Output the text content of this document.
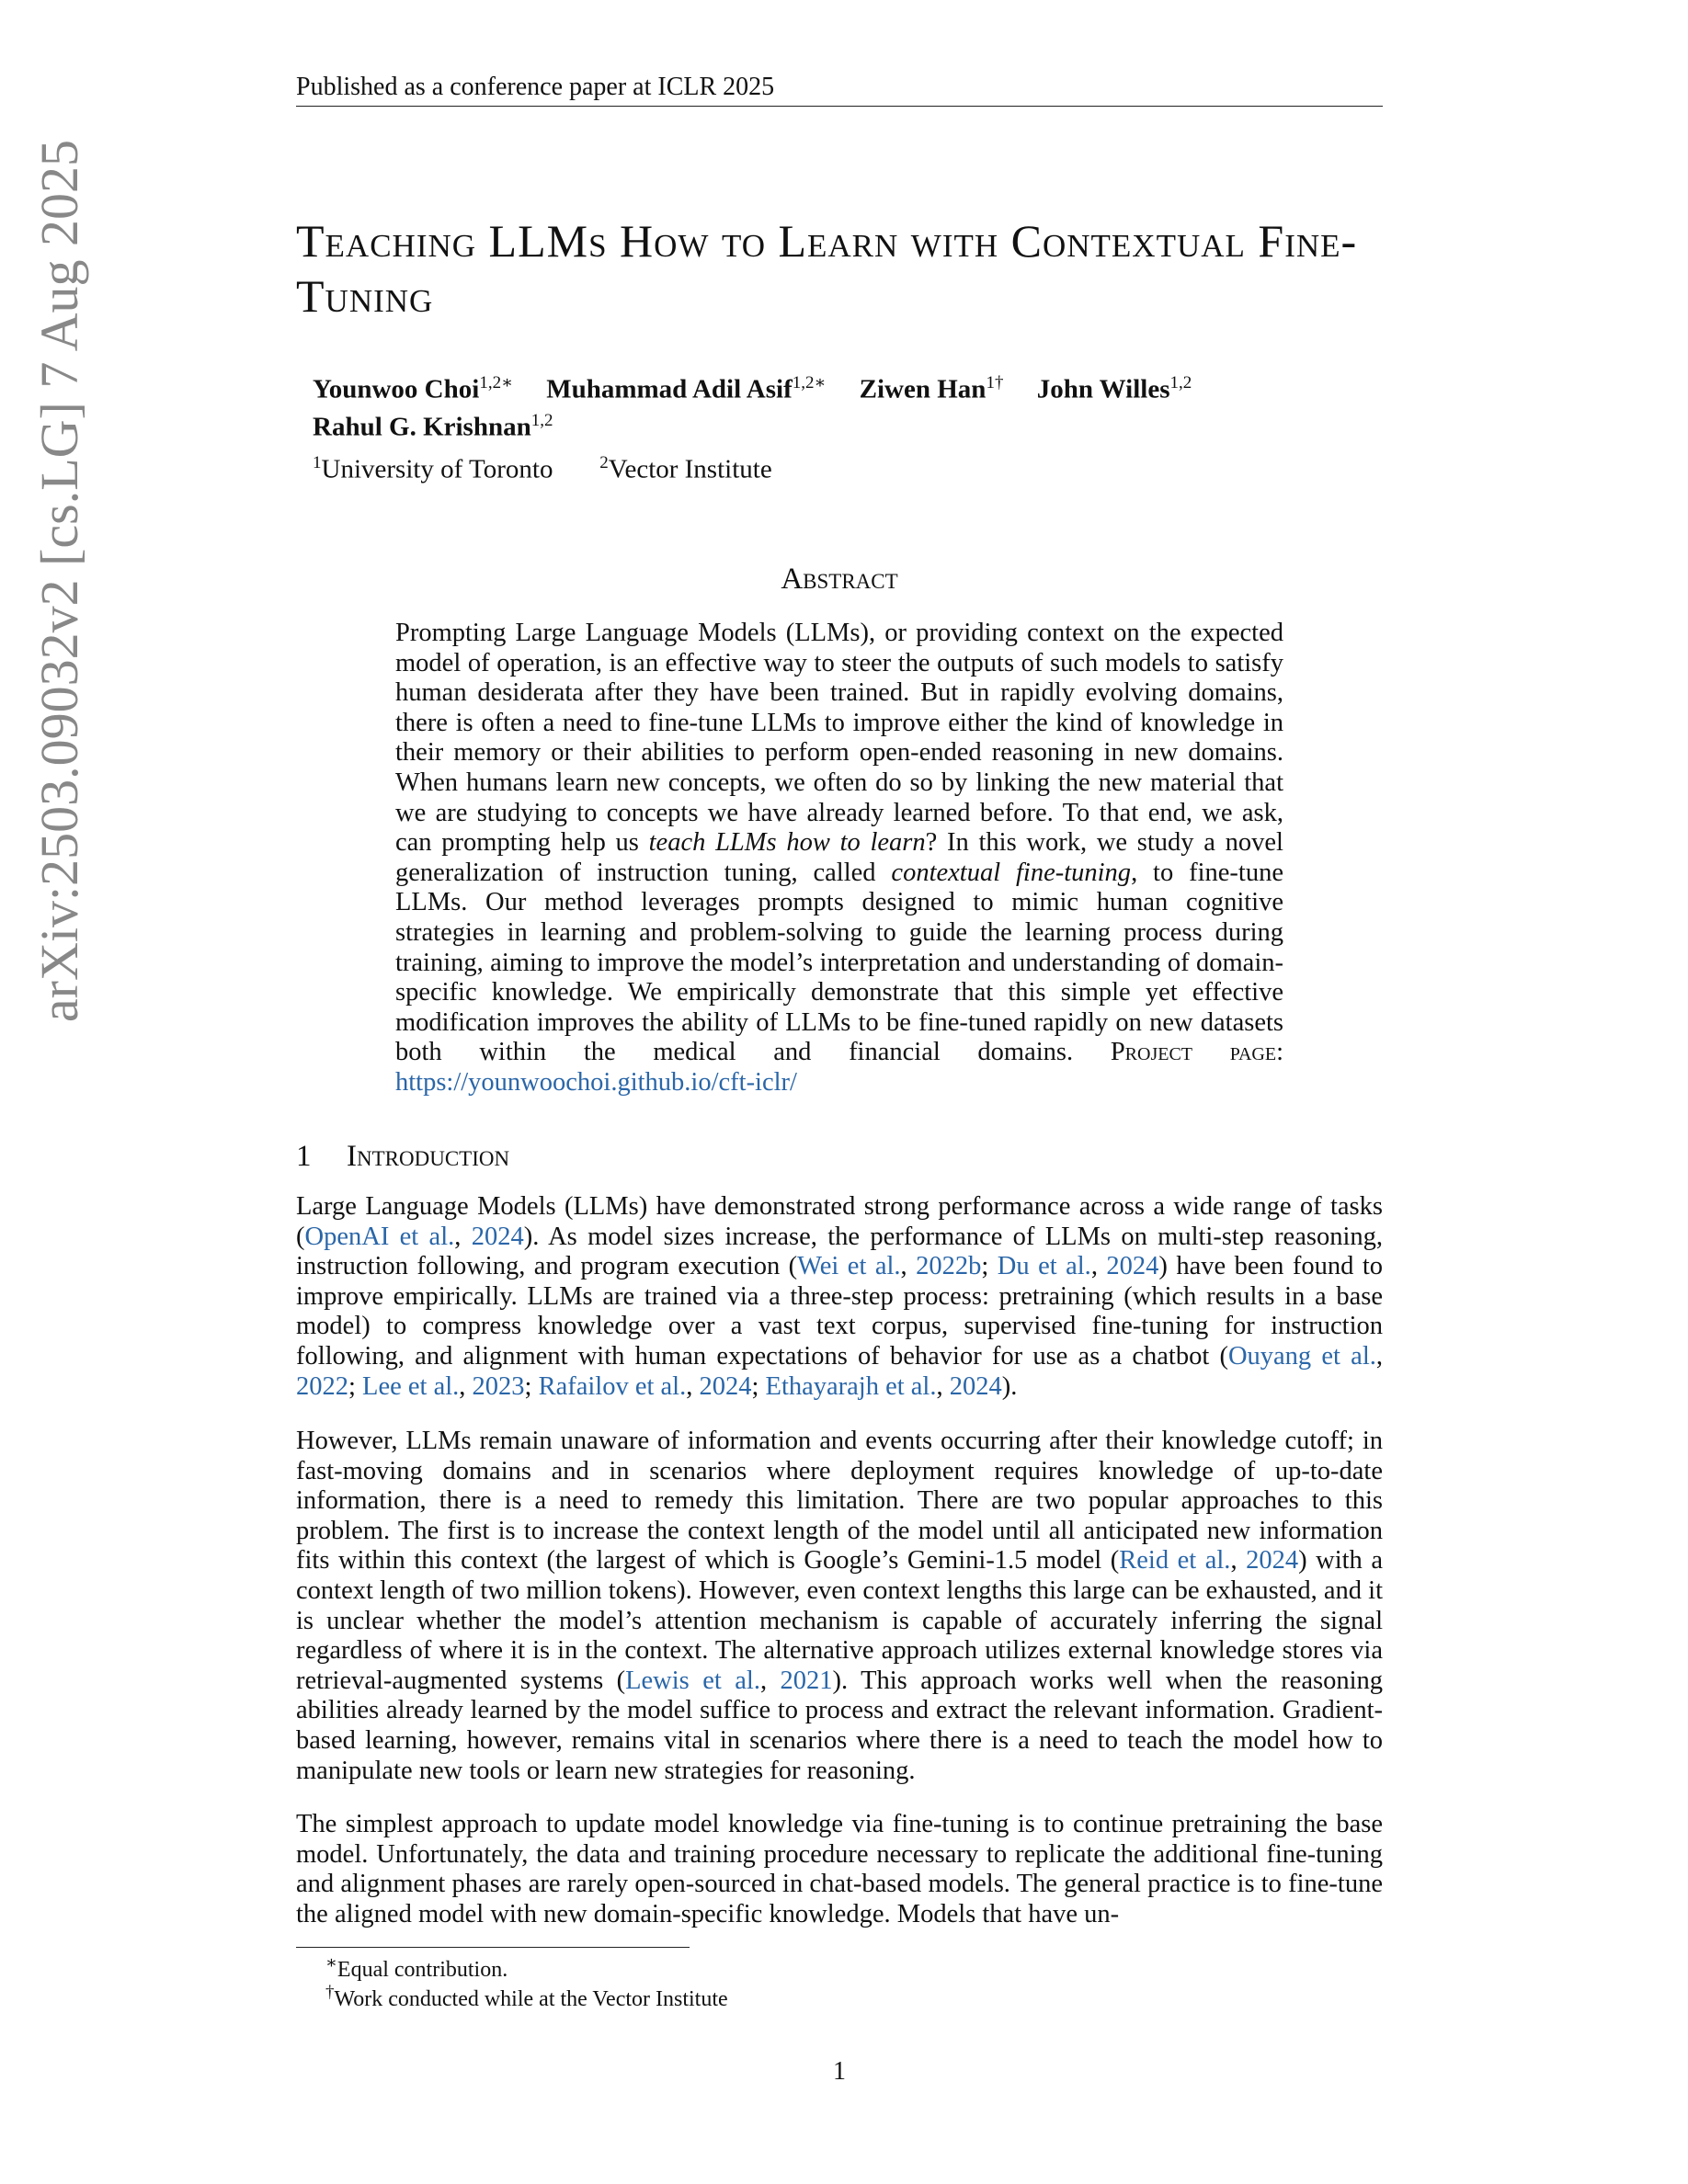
Published as a conference paper at ICLR 2025
Teaching LLMs How to Learn with Contextual Fine-Tuning
Younwoo Choi$^{1,2∗}$ Muhammad Adil Asif$^{1,2∗}$ Ziwen Han$^{1\dagger}$ John Willes$^{1,2}$
Rahul G. Krishnan$^{1,2}$
$^1$University of Toronto	$^2$Vector Institute
Abstract
Prompting Large Language Models (LLMs), or providing context on the expected model of operation, is an effective way to steer the outputs of such models to satisfy human desiderata after they have been trained. But in rapidly evolving domains, there is often a need to fine-tune LLMs to improve either the kind of knowledge in their memory or their abilities to perform open-ended reasoning in new domains. When humans learn new concepts, we often do so by linking the new material that we are studying to concepts we have already learned before. To that end, we ask, can prompting help us teach LLMs how to learn? In this work, we study a novel generalization of instruction tuning, called contextual fine-tuning, to fine-tune LLMs. Our method leverages prompts designed to mimic human cognitive strategies in learning and problem-solving to guide the learning process during training, aiming to improve the model’s interpretation and understanding of domain-specific knowledge. We empirically demonstrate that this simple yet effective modification improves the ability of LLMs to be fine-tuned rapidly on new datasets both within the medical and financial domains. Project page: https://younwoochoi.github.io/cft-iclr/
1 Introduction
Large Language Models (LLMs) have demonstrated strong performance across a wide range of tasks (OpenAI et al., 2024). As model sizes increase, the performance of LLMs on multi-step reasoning, instruction following, and program execution (Wei et al., 2022b; Du et al., 2024) have been found to improve empirically. LLMs are trained via a three-step process: pretraining (which results in a base model) to compress knowledge over a vast text corpus, supervised fine-tuning for instruction following, and alignment with human expectations of behavior for use as a chatbot (Ouyang et al., 2022; Lee et al., 2023; Rafailov et al., 2024; Ethayarajh et al., 2024).
However, LLMs remain unaware of information and events occurring after their knowledge cutoff; in fast-moving domains and in scenarios where deployment requires knowledge of up-to-date information, there is a need to remedy this limitation. There are two popular approaches to this problem. The first is to increase the context length of the model until all anticipated new information fits within this context (the largest of which is Google’s Gemini-1.5 model (Reid et al., 2024) with a context length of two million tokens). However, even context lengths this large can be exhausted, and it is unclear whether the model’s attention mechanism is capable of accurately inferring the signal regardless of where it is in the context. The alternative approach utilizes external knowledge stores via retrieval-augmented systems (Lewis et al., 2021). This approach works well when the reasoning abilities already learned by the model suffice to process and extract the relevant information. Gradient-based learning, however, remains vital in scenarios where there is a need to teach the model how to manipulate new tools or learn new strategies for reasoning.
The simplest approach to update model knowledge via fine-tuning is to continue pretraining the base model. Unfortunately, the data and training procedure necessary to replicate the additional fine-tuning and alignment phases are rarely open-sourced in chat-based models. The general practice is to fine-tune the aligned model with new domain-specific knowledge. Models that have un-
∗Equal contribution.
†Work conducted while at the Vector Institute
1
arXiv:2503.09032v2 [cs.LG] 7 Aug 2025
